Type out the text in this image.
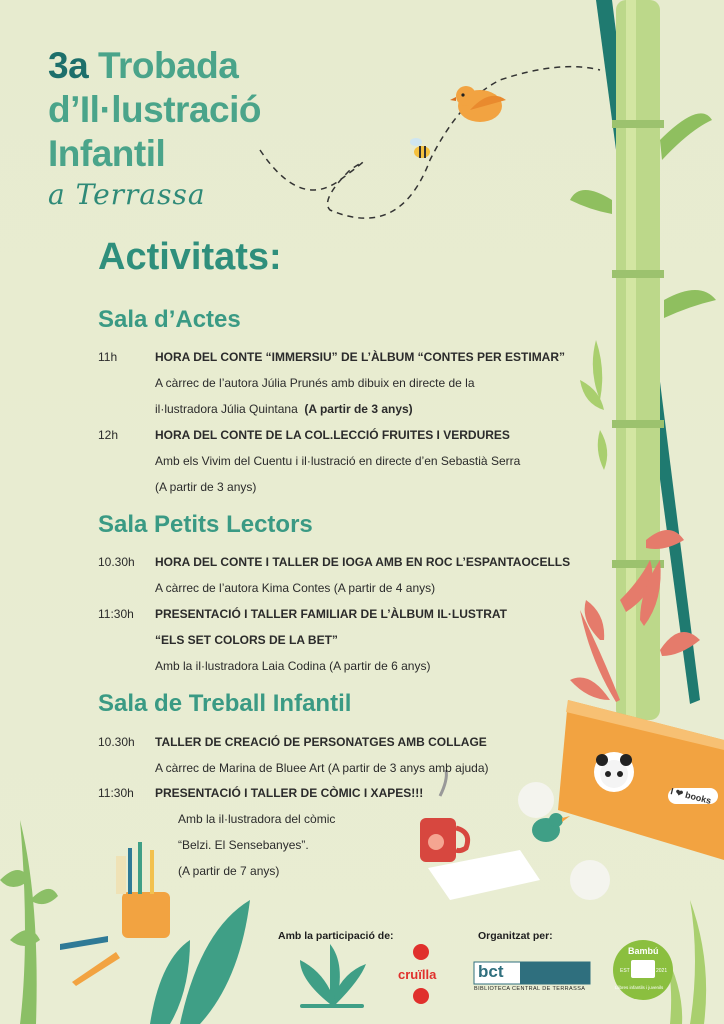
3a Trobada
d’Il·lustració
Infantil
a Terrassa
Activitats:
Sala d’Actes
11h	HORA DEL CONTE “IMMERSIU” DE L’ÀLBUM “CONTES PER ESTIMAR”
A càrrec de l’autora Júlia Prunés amb dibuix en directe de la
il·lustradora Júlia Quintana (A partir de 3 anys)
12h	HORA DEL CONTE DE LA COL.LECCIÓ FRUITES I VERDURES
Amb els Vivim del Cuentu i il·lustració en directe d’en Sebastià Serra
(A partir de 3 anys)
Sala Petits Lectors
10.30h HORA DEL CONTE I TALLER DE IOGA AMB EN ROC L’ESPANTAOCELLS
A càrrec de l’autora Kima Contes (A partir de 4 anys)
11:30h PRESENTACIÓ I TALLER FAMILIAR DE L’ÀLBUM IL·LUSTRAT
“ELS SET COLORS DE LA BET”
Amb la il·lustradora Laia Codina (A partir de 6 anys)
Sala de Treball Infantil
10.30h TALLER DE CREACIÓ DE PERSONATGES AMB COLLAGE
A càrrec de Marina de Bluee Art (A partir de 3 anys amb ajuda)
11:30h PRESENTACIÓ I TALLER DE CÒMIC I XAPES!!!
Amb la il·lustradora del còmic
“Belzi. El Sensebanyes”.
(A partir de 7 anys)
I ❤ books
Amb la participació de:	Organitzat per:
cruïlla bct
BIBLIOTECA CENTRAL DE TERRASSA
Bambú
EST	2021
Llibres infantils i juvenils
